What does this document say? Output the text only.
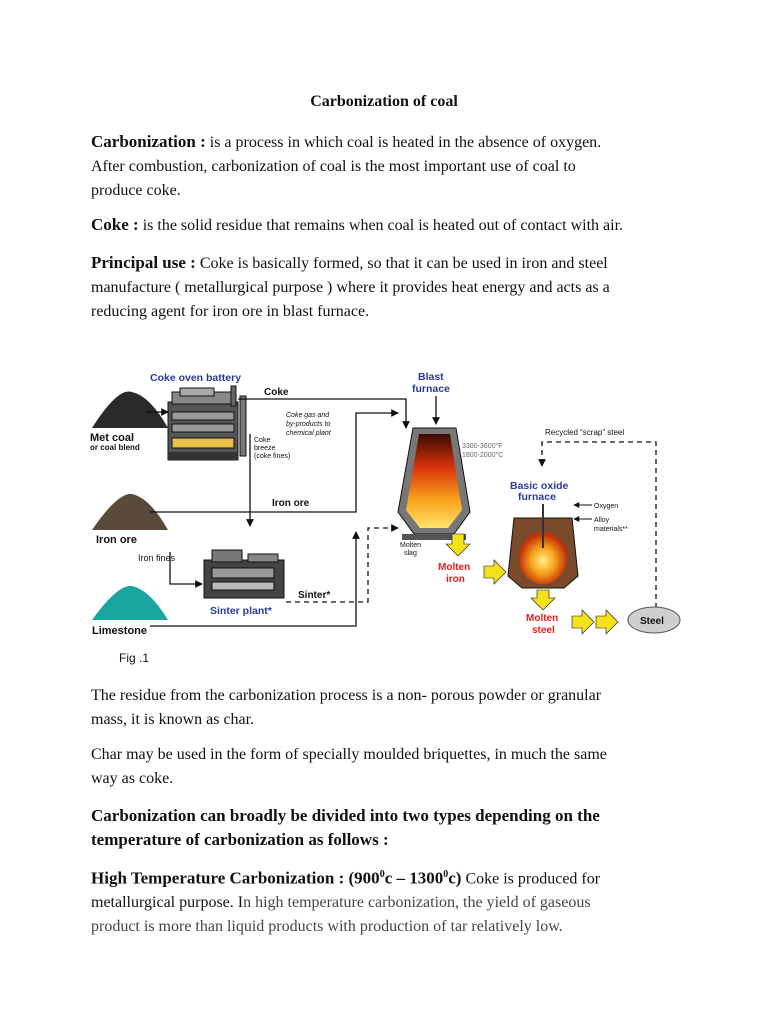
Carbonization of coal
Carbonization : is a process in which coal is heated in the absence of oxygen.
After combustion, carbonization of coal is the most important use of coal to
produce coke.
Coke : is the solid residue that remains when coal is heated out of contact with air.
Principal use : Coke is basically formed, so that it can be used in iron and steel
manufacture ( metallurgical purpose ) where it provides heat energy and acts as a
reducing agent for iron ore in blast furnace.
Met coal
or coal blend
Coke oven battery
Coke
Blast
furnace
Coke gas and
by-products to
chemical plant
Coke
breeze
(coke fines)
3300-3600°F
1800-2000°C
Iron ore
Iron ore
Iron fines
Sinter plant*
Sinter*
Limestone
Molten
slag
Molten
iron
Recycled “scrap” steel
Basic oxide
furnace
Oxygen
Alloy
materials**
Molten
steel
Steel
Fig .1
The residue from the carbonization process is a non- porous powder or granular
mass, it is known as char.
Char may be used in the form of specially moulded briquettes, in much the same
way as coke.
Carbonization can broadly be divided into two types depending on the
temperature of carbonization as follows :
High Temperature Carbonization : $(900^0c - 1300^0c)$ Coke is produced for
metallurgical purpose. In high temperature carbonization, the yield of gaseous
product is more than liquid products with production of tar relatively low.
